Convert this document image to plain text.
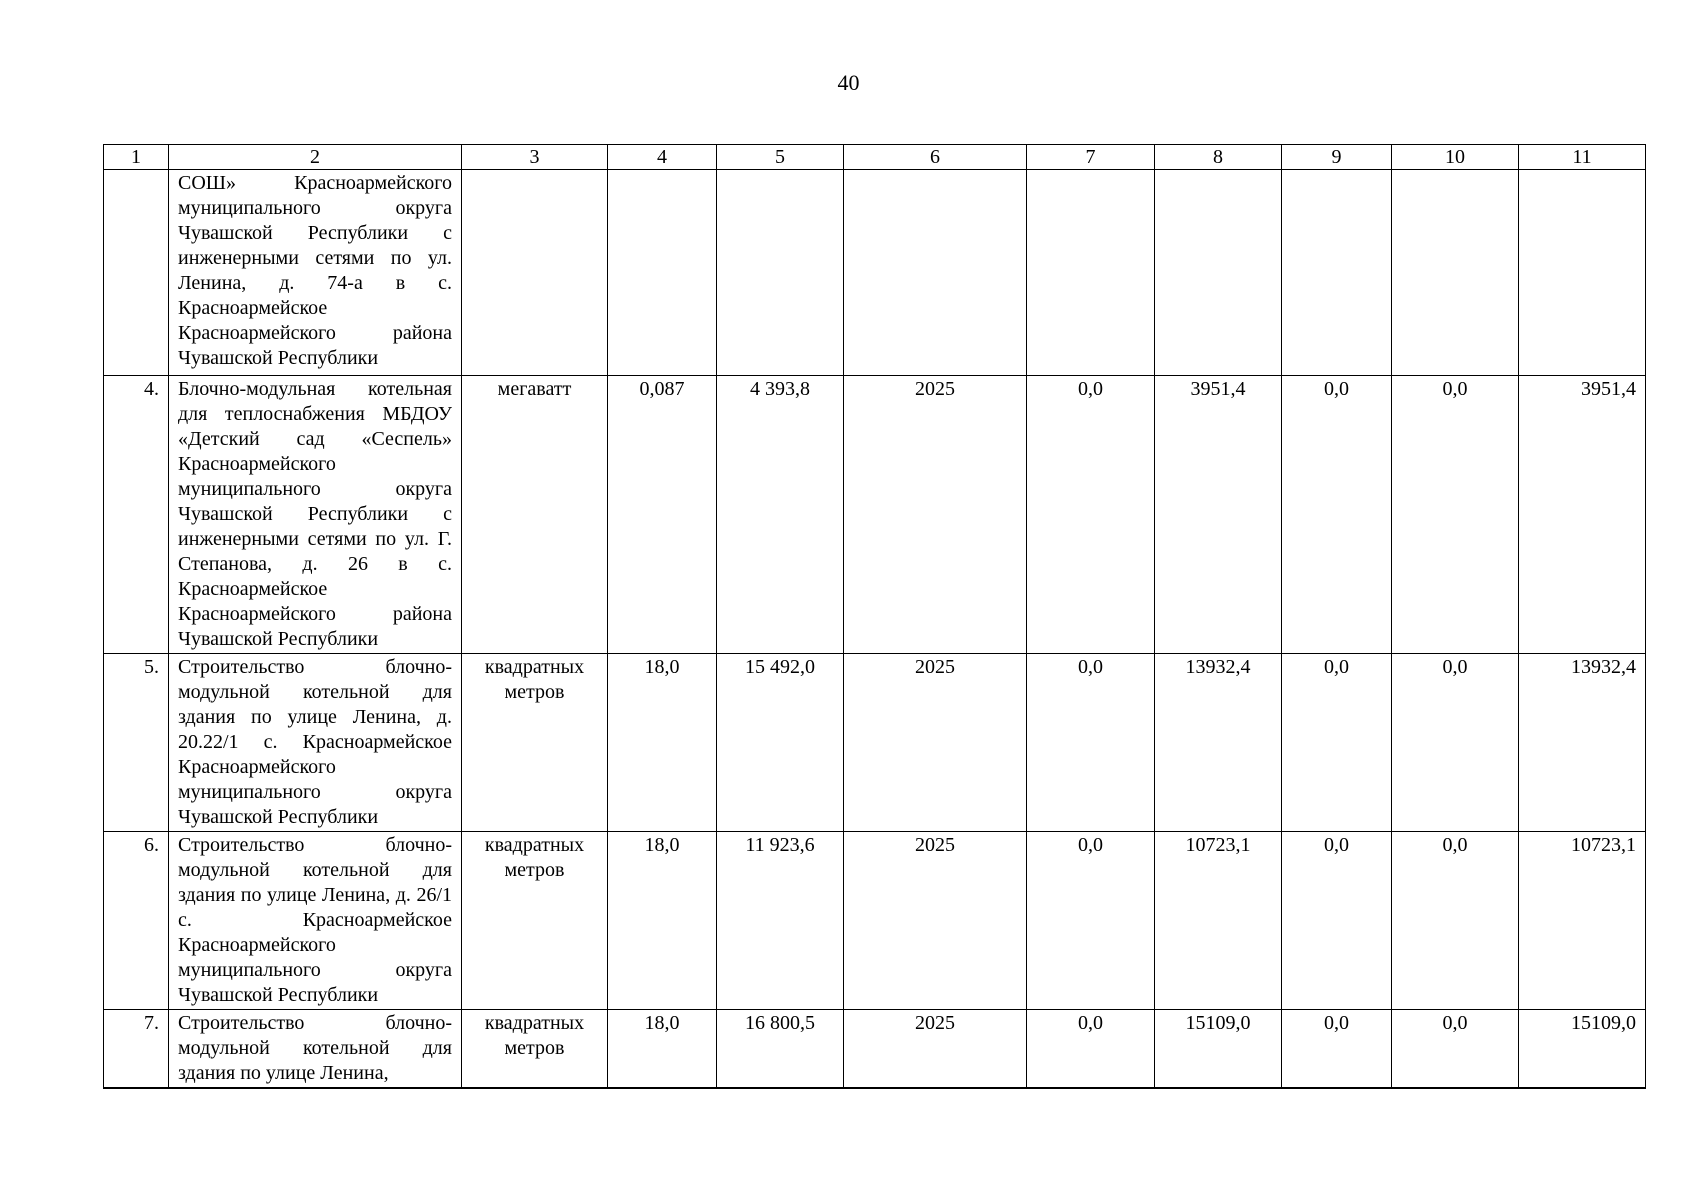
40
1	2	3	4	5	6	7	8	9	10	11
	СОШ» Красноармейского муниципального округа Чувашской Республики с инженерными сетями по ул. Ленина, д. 74-а в с. Красноармейское Красноармейского района Чувашской Республики									
4.	Блочно-модульная котельная для теплоснабжения МБДОУ «Детский сад «Сеспель» Красноармейского муниципального округа Чувашской Республики с инженерными сетями по ул. Г. Степанова, д. 26 в с. Красноармейское Красноармейского района Чувашской Республики	мегаватт	0,087	4 393,8	2025	0,0	3951,4	0,0	0,0	3951,4
5.	Строительство блочно- модульной котельной для здания по улице Ленина, д. 20.22/1 с. Красноармейское Красноармейского муниципального округа Чувашской Республики	квадратных метров	18,0	15 492,0	2025	0,0	13932,4	0,0	0,0	13932,4
6.	Строительство блочно- модульной котельной для здания по улице Ленина, д. 26/1 с. Красноармейское Красноармейского муниципального округа Чувашской Республики	квадратных метров	18,0	11 923,6	2025	0,0	10723,1	0,0	0,0	10723,1
7.	Строительство блочно- модульной котельной для здания по улице Ленина,	квадратных метров	18,0	16 800,5	2025	0,0	15109,0	0,0	0,0	15109,0
